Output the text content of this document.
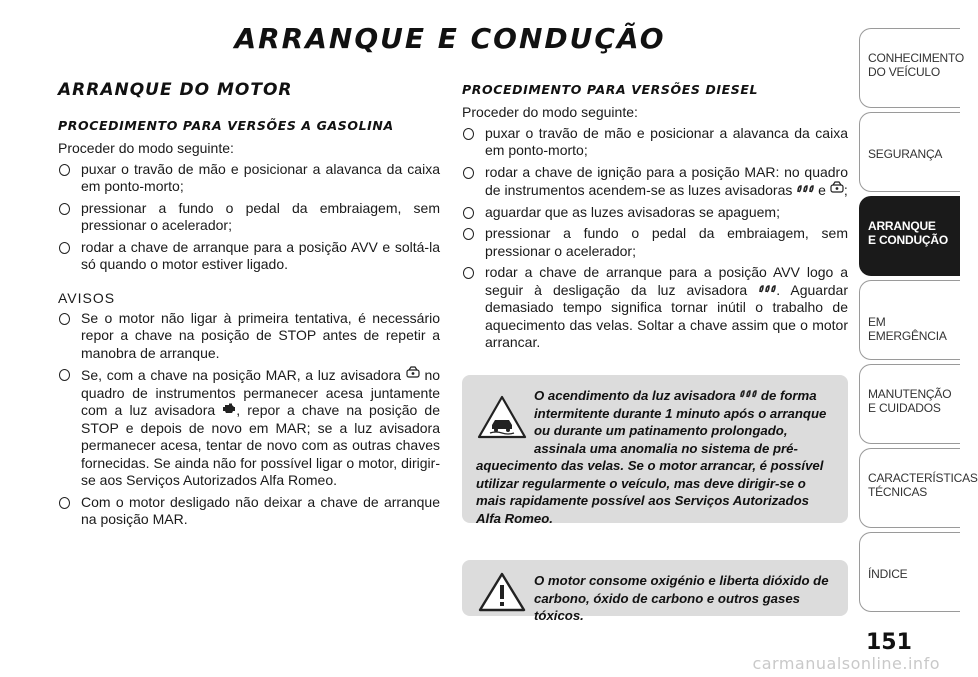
ARRANQUE E CONDUÇÃO
ARRANQUE DO MOTOR
PROCEDIMENTO PARA VERSÕES A GASOLINA

Proceder do modo seguinte:

puxar o travão de mão e posicionar a alavanca da caixa em ponto-morto;
pressionar a fundo o pedal da embraiagem, sem pressionar o acelerador;
rodar a chave de arranque para a posição AVV e soltá-la só quando o motor estiver ligado.

AVISOS

Se o motor não ligar à primeira tentativa, é necessário repor a chave na posição de STOP antes de repetir a manobra de arranque.
Se, com a chave na posição MAR, a luz avisadora no quadro de instrumentos permanecer acesa juntamente com a luz avisadora , repor a chave na posição de STOP e depois de novo em MAR; se a luz avisadora permanecer acesa, tentar de novo com as outras chaves fornecidas. Se ainda não for possível ligar o motor, dirigir-se aos Serviços Autorizados Alfa Romeo.
Com o motor desligado não deixar a chave de arranque na posição MAR.
PROCEDIMENTO PARA VERSÕES DIESEL

Proceder do modo seguinte:

puxar o travão de mão e posicionar a alavanca da caixa em ponto-morto;
rodar a chave de ignição para a posição MAR: no quadro de instrumentos acendem-se as luzes avisadoras e ;
aguardar que as luzes avisadoras se apaguem;
pressionar a fundo o pedal da embraiagem, sem pressionar o acelerador;
rodar a chave de arranque para a posição AVV logo a seguir à desligação da luz avisadora . Aguardar demasiado tempo significa tornar inútil o trabalho de aquecimento das velas. Soltar a chave assim que o motor arrancar.
O acendimento da luz avisadora de forma intermitente durante 1 minuto após o arranque ou durante um patinamento prolongado, assinala uma anomalia no sistema de pré-aquecimento das velas. Se o motor arrancar, é possível utilizar regularmente o veículo, mas deve dirigir-se o mais rapidamente possível aos Serviços Autorizados Alfa Romeo.
O motor consome oxigénio e liberta dióxido de carbono, óxido de carbono e outros gases tóxicos.
CONHECIMENTO
DO VEÍCULO
SEGURANÇA
ARRANQUE
E CONDUÇÃO
EM EMERGÊNCIA
MANUTENÇÃO
E CUIDADOS
CARACTERÍSTICAS
TÉCNICAS
ÍNDICE
151
carmanualsonline.info
